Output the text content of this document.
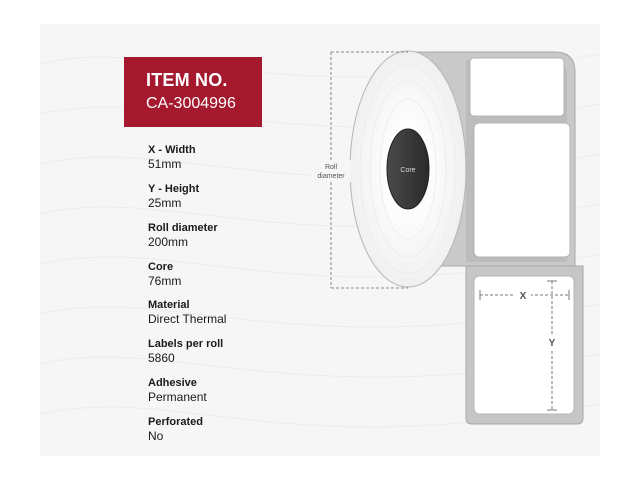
ITEM NO.
CA-3004996
X - Width
51mm
Y - Height
25mm
Roll diameter
200mm
Core
76mm
Material
Direct Thermal
Labels per roll
5860
Adhesive
Permanent
Perforated
No
Core
Roll
diameter
X
Y
